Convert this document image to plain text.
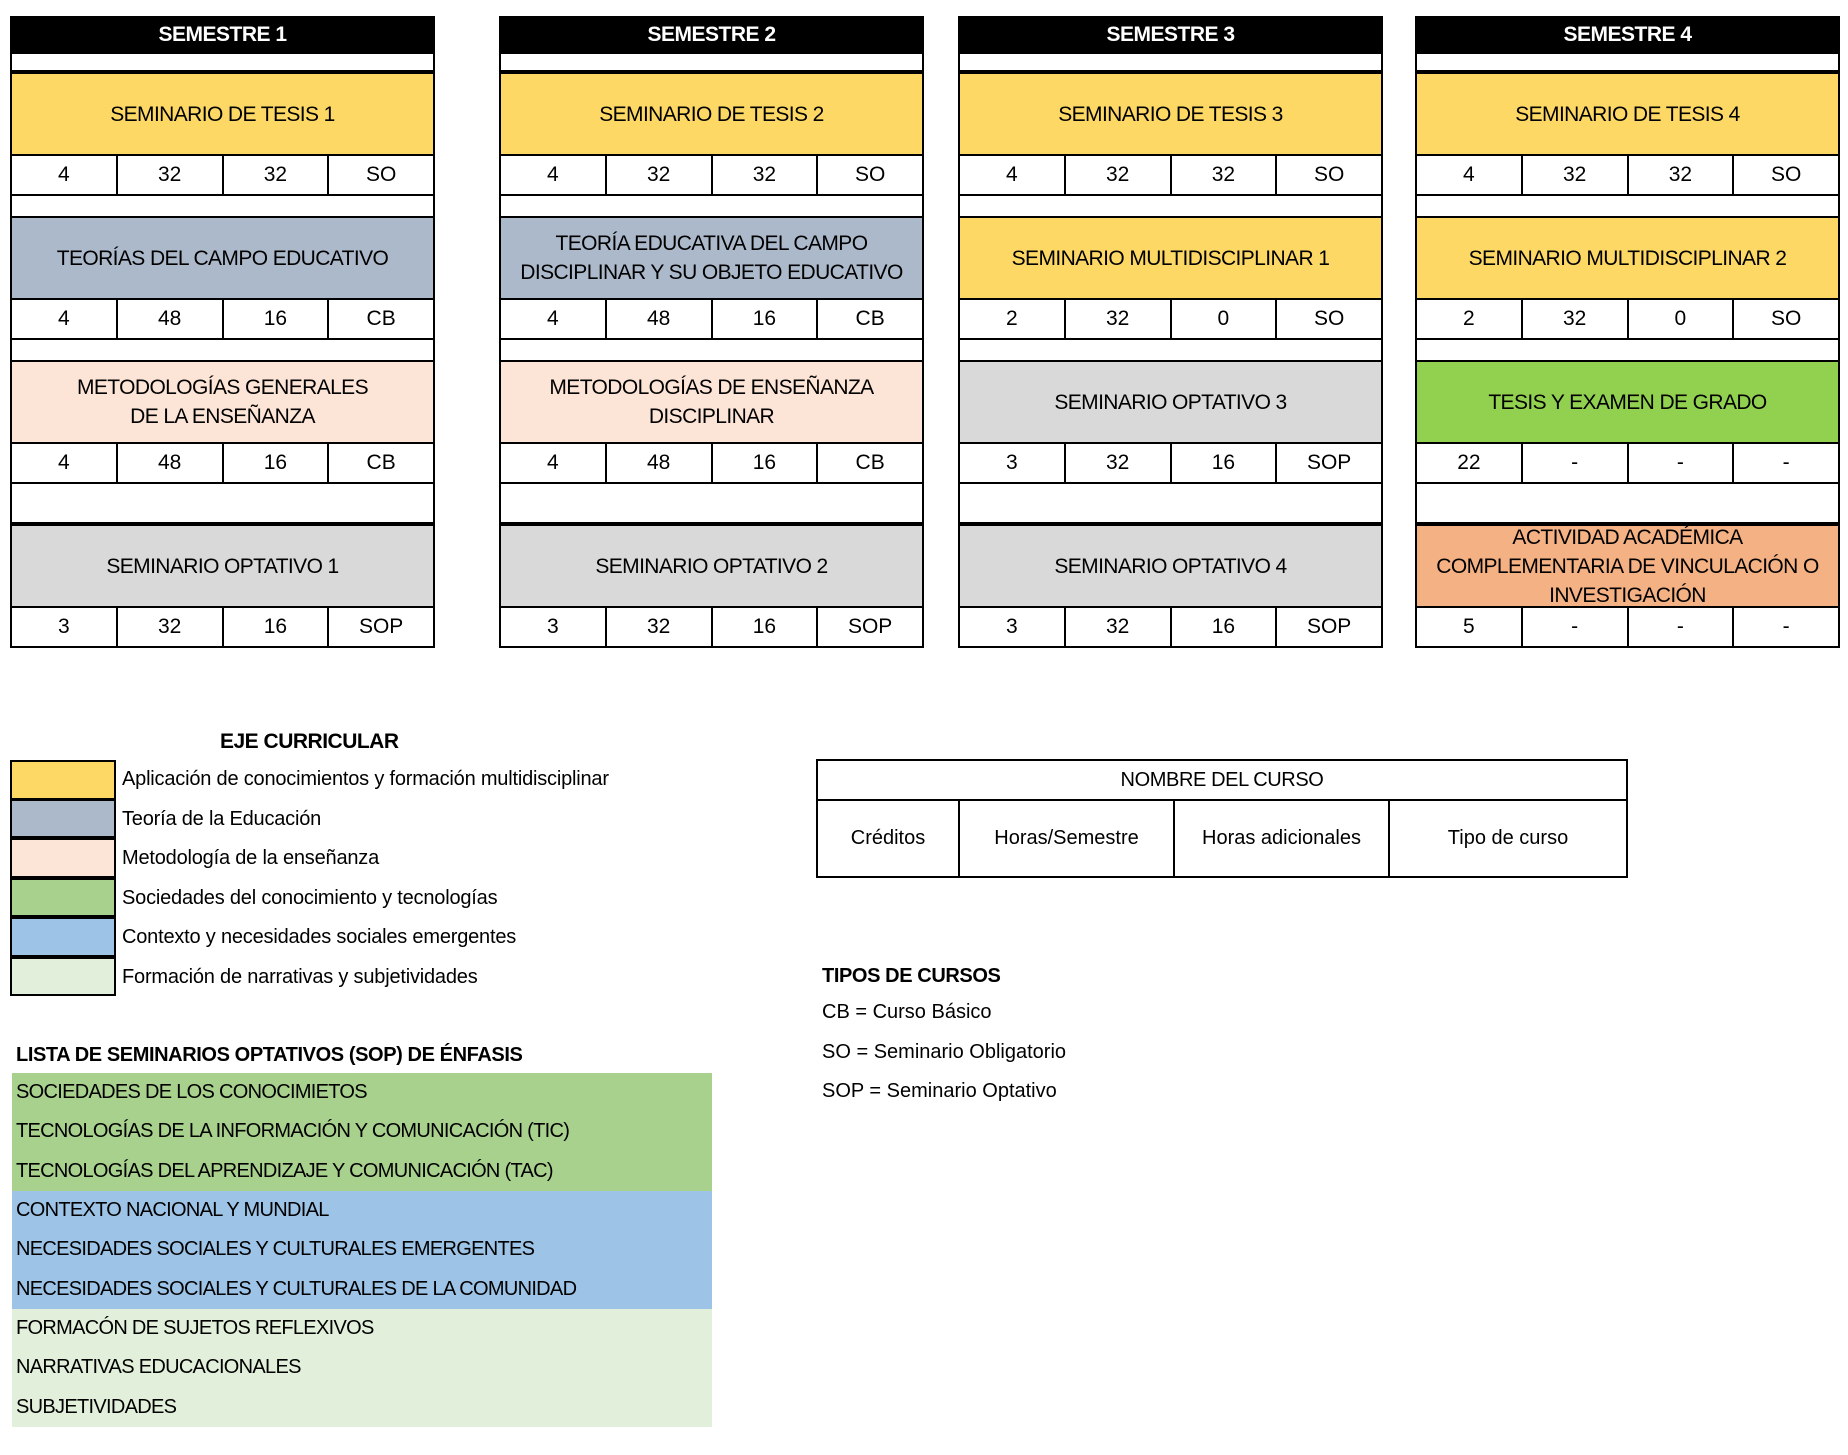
SEMESTRE 1
SEMINARIO DE TESIS 1
4	32	32	SO
TEORÍAS DEL CAMPO EDUCATIVO
4	48	16	CB
METODOLOGÍAS GENERALES
DE LA ENSEÑANZA
4	48	16	CB
SEMINARIO OPTATIVO 1
3	32	16	SOP
SEMESTRE 2
SEMINARIO DE TESIS 2
4	32	32	SO
TEORÍA EDUCATIVA DEL CAMPO
DISCIPLINAR Y SU OBJETO EDUCATIVO
4	48	16	CB
METODOLOGÍAS DE ENSEÑANZA
DISCIPLINAR
4	48	16	CB
SEMINARIO OPTATIVO 2
3	32	16	SOP
SEMESTRE 3
SEMINARIO DE TESIS 3
4	32	32	SO
SEMINARIO MULTIDISCIPLINAR 1
2	32	0	SO
SEMINARIO OPTATIVO 3
3	32	16	SOP
SEMINARIO OPTATIVO 4
3	32	16	SOP
SEMESTRE 4
SEMINARIO DE TESIS 4
4	32	32	SO
SEMINARIO MULTIDISCIPLINAR 2
2	32	0	SO
TESIS Y EXAMEN DE GRADO
22	-	-	-
ACTIVIDAD ACADÉMICA
COMPLEMENTARIA DE VINCULACIÓN O
INVESTIGACIÓN
5	-	-	-
EJE CURRICULAR
Aplicación de conocimientos y formación multidisciplinar
Teoría de la Educación
Metodología de la enseñanza
Sociedades del conocimiento y tecnologías
Contexto y necesidades sociales emergentes
Formación de narrativas y subjetividades
LISTA DE SEMINARIOS OPTATIVOS (SOP) DE ÉNFASIS
SOCIEDADES DE LOS CONOCIMIETOS
TECNOLOGÍAS DE LA INFORMACIÓN Y COMUNICACIÓN (TIC)
TECNOLOGÍAS DEL APRENDIZAJE Y COMUNICACIÓN (TAC)
CONTEXTO NACIONAL Y MUNDIAL
NECESIDADES SOCIALES Y CULTURALES EMERGENTES
NECESIDADES SOCIALES Y CULTURALES DE LA COMUNIDAD
FORMACÓN DE SUJETOS REFLEXIVOS
NARRATIVAS EDUCACIONALES
SUBJETIVIDADES
NOMBRE DEL CURSO
Créditos	Horas/Semestre	Horas adicionales	Tipo de curso
TIPOS DE CURSOS
CB = Curso Básico
SO = Seminario Obligatorio
SOP = Seminario Optativo
